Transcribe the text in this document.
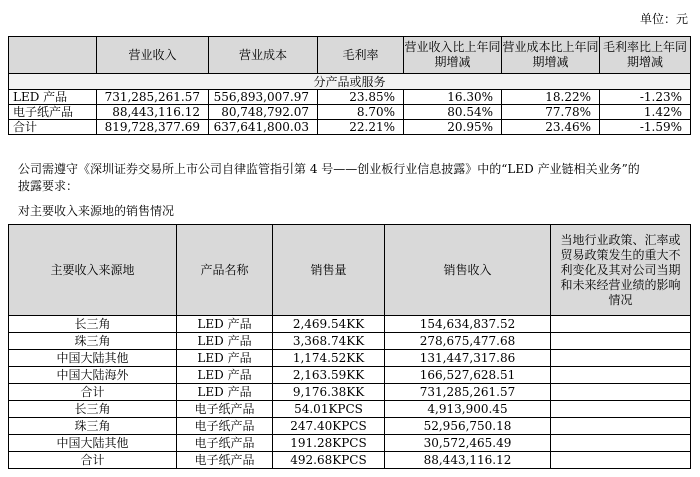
单位：元
	营业收入	营业成本	毛利率	营业收入比上年同期增减	营业成本比上年同期增减	毛利率比上年同期增减
分产品或服务						
LED 产品	731,285,261.57	556,893,007.97	23.85%	16.30%	18.22%	-1.23%
电子纸产品	88,443,116.12	80,748,792.07	8.70%	80.54%	77.78%	1.42%
合计	819,728,377.69	637,641,800.03	22.21%	20.95%	23.46%	-1.59%
公司需遵守《深圳证券交易所上市公司自律监管指引第 4 号——创业板行业信息披露》中的“LED 产业链相关业务”的
披露要求：
对主要收入来源地的销售情况
主要收入来源地	产品名称	销售量	销售收入	当地行业政策、汇率或贸易政策发生的重大不利变化及其对公司当期和未来经营业绩的影响情况
长三角	LED 产品	2,469.54KK	154,634,837.52	
珠三角	LED 产品	3,368.74KK	278,675,477.68	
中国大陆其他	LED 产品	1,174.52KK	131,447,317.86	
中国大陆海外	LED 产品	2,163.59KK	166,527,628.51	
合计	LED 产品	9,176.38KK	731,285,261.57	
长三角	电子纸产品	54.01KPCS	4,913,900.45	
珠三角	电子纸产品	247.40KPCS	52,956,750.18	
中国大陆其他	电子纸产品	191.28KPCS	30,572,465.49	
合计	电子纸产品	492.68KPCS	88,443,116.12	
